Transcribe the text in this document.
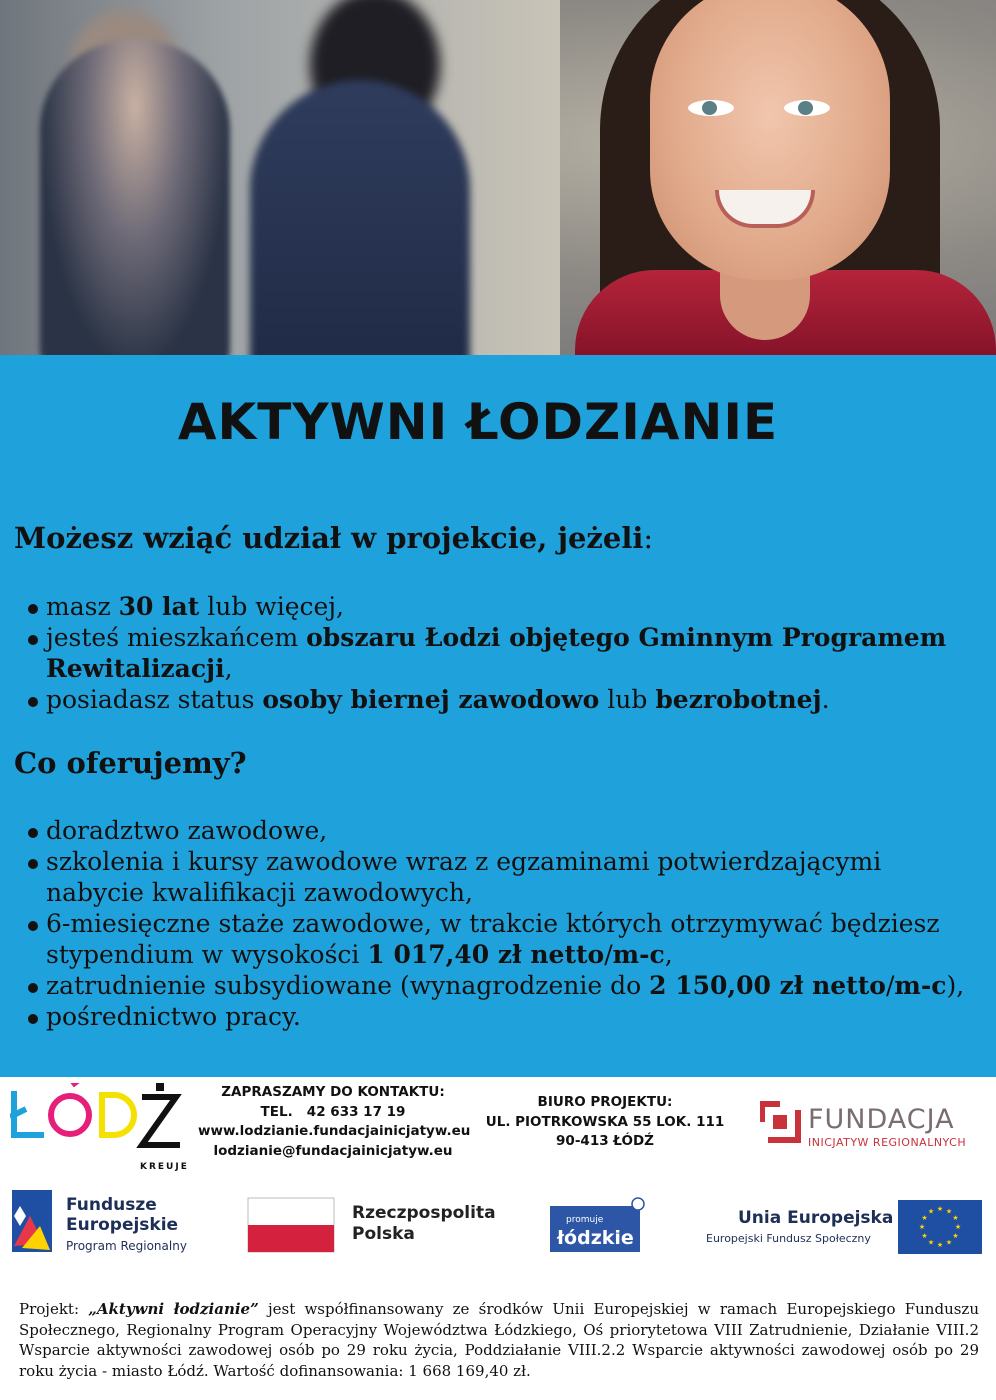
AKTYWNI ŁODZIANIE
Możesz wziąć udział w projekcie, jeżeli:
masz 30 lat lub więcej,
jesteś mieszkańcem obszaru Łodzi objętego Gminnym Programem Rewitalizacji,
posiadasz status osoby biernej zawodowo lub bezrobotnej.
Co oferujemy?
doradztwo zawodowe,
szkolenia i kursy zawodowe wraz z egzaminami potwierdzającymi nabycie kwalifikacji zawodowych,
6-miesięczne staże zawodowe, w trakcie których otrzymywać będziesz stypendium w wysokości 1 017,40 zł netto/m-c,
zatrudnienie subsydiowane (wynagrodzenie do 2 150,00 zł netto/m-c),
pośrednictwo pracy.
KREUJE
ZAPRASZAMY DO KONTAKTU:
TEL.   42 633 17 19
www.lodzianie.fundacjainicjatyw.eu
lodzianie@fundacjainicjatyw.eu
BIURO PROJEKTU:
UL. PIOTRKOWSKA 55 LOK. 111
90-413 ŁÓDŹ
FUNDACJA
INICJATYW REGIONALNYCH
Fundusze
Europejskie
Program Regionalny
Rzeczpospolita
Polska
promuje
łódzkie
Unia Europejska
Europejski Fundusz Społeczny
★ ★
★
★
★
★
★
★
★
★
★
★
Projekt: „Aktywni łodzianie” jest współfinansowany ze środków Unii Europejskiej w ramach Europejskiego Funduszu Społecznego, Regionalny Program Operacyjny Województwa Łódzkiego, Oś priorytetowa VIII Zatrudnienie, Działanie VIII.2 Wsparcie aktywności zawodowej osób po 29 roku życia, Poddziałanie VIII.2.2 Wsparcie aktywności zawodowej osób po 29 roku życia - miasto Łódź. Wartość dofinansowania: 1 668 169,40 zł.
